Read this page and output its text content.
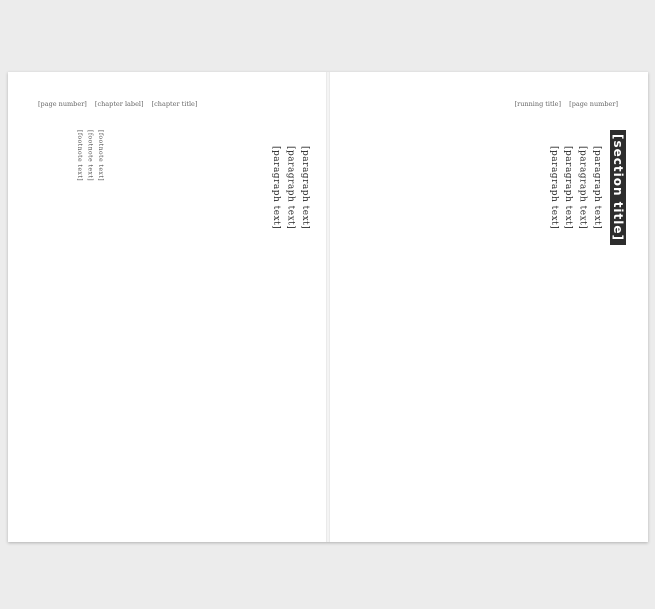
[page number] [chapter label] [chapter title]

[paragraph text]

[paragraph text]

[paragraph text]

[footnote text]

[footnote text]

[footnote text]

[running title] [page number]
[section title]

[paragraph text]

[paragraph text]

[paragraph text]

[paragraph text]
